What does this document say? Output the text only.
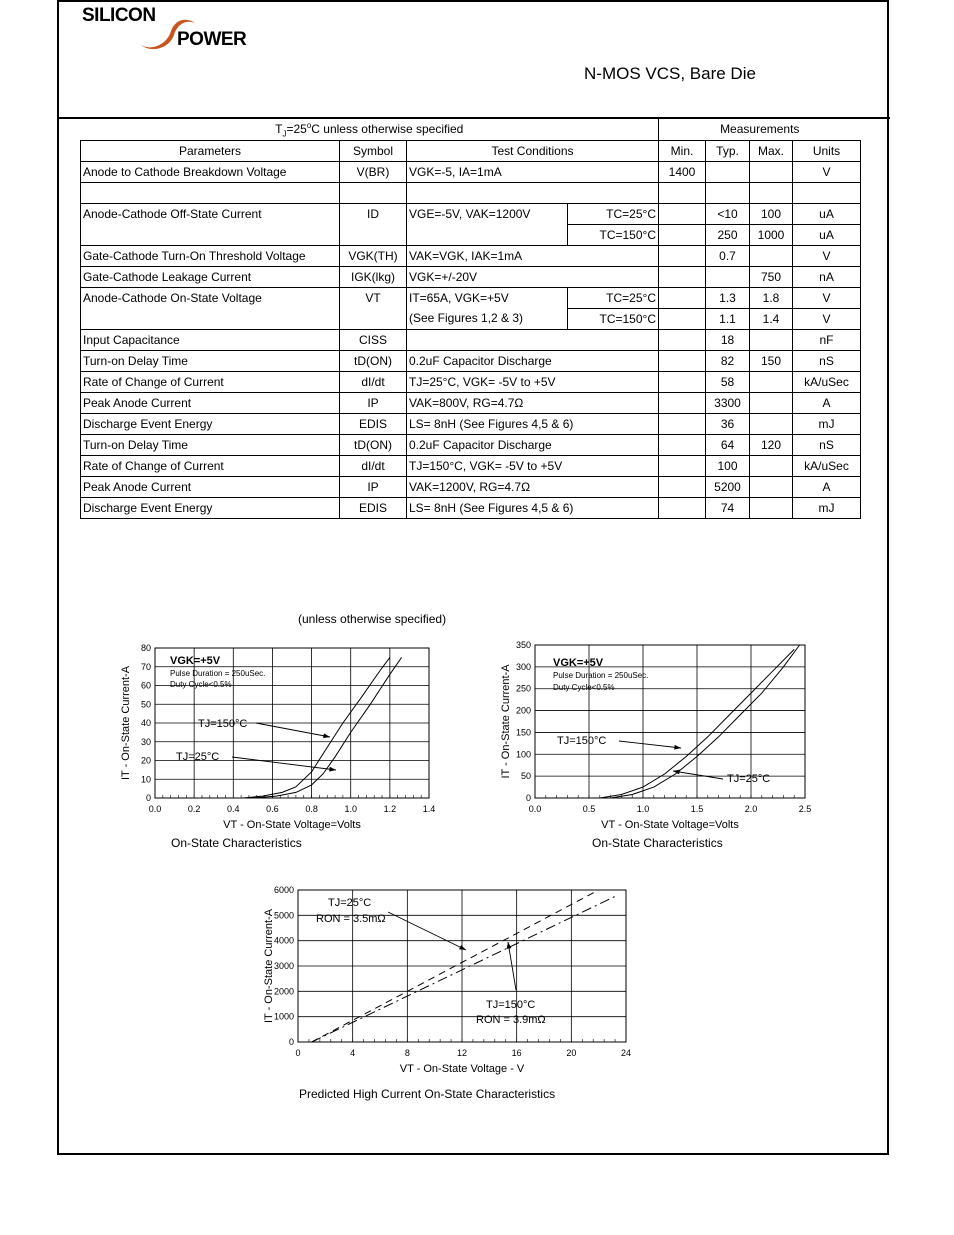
SILICON
POWER
N-MOS VCS, Bare Die
$T_J=25^oC$ unless otherwise specified				Measurements			
Parameters	Symbol	Test Conditions		Min.	Typ.	Max.	Units
Anode to Cathode Breakdown Voltage	V(BR)	VGK=-5, IA=1mA		1400			V

Anode-Cathode Off-State Current	ID	VGE=-5V, VAK=1200V	TC=25°C		<10	100	uA
			TC=150°C		250	1000	uA
Gate-Cathode Turn-On Threshold Voltage	VGK(TH)	VAK=VGK, IAK=1mA			0.7		V
Gate-Cathode Leakage Current	IGK(lkg)	VGK=+/-20V				750	nA
Anode-Cathode On-State Voltage	VT	IT=65A, VGK=+5V	TC=25°C		1.3	1.8	V
		(See Figures 1,2 & 3)	TC=150°C		1.1	1.4	V
Input Capacitance	CISS				18		nF
Turn-on Delay Time	tD(ON)	0.2uF Capacitor Discharge			82	150	nS
Rate of Change of Current	dI/dt	TJ=25°C, VGK= -5V to +5V			58		kA/uSec
Peak Anode Current	IP	VAK=800V, RG=4.7Ω			3300		A
Discharge Event Energy	EDIS	LS= 8nH (See Figures 4,5 & 6)			36		mJ
Turn-on Delay Time	tD(ON)	0.2uF Capacitor Discharge			64	120	nS
Rate of Change of Current	dI/dt	TJ=150°C, VGK= -5V to +5V			100		kA/uSec
Peak Anode Current	IP	VAK=1200V, RG=4.7Ω			5200		A
Discharge Event Energy	EDIS	LS= 8nH (See Figures 4,5 & 6)			74		mJ
(unless otherwise specified)
0.0	0.2	0.4	0.6	0.8	1.0	1.2	1.4
0
10
20
30
40
50
60
70
80
VT - On-State Voltage=Volts
IT - On-State Current-A
VGK=+5V
Pulse Duration = 250uSec.
Duty Cycle<0.5%
TJ=150°C
TJ=25°C
0.0	0.5	1.0	1.5	2.0	2.5
0
50
100
150
200
250
300
350
VT - On-State Voltage=Volts
IT - On-State Current-A
VGK=+5V
Pulse Duration = 250uSec.
Duty Cycle<0.5%
TJ=150°C
TJ=25°C
0	4	8	12	16	20	24
0
1000
2000
3000
4000
5000
6000
VT - On-State Voltage - V
IT - On-State Current-A
TJ=25°C
RON = 3.5mΩ
TJ=150°C
RON = 3.9mΩ
On-State Characteristics	On-State Characteristics
Predicted High Current On-State Characteristics
